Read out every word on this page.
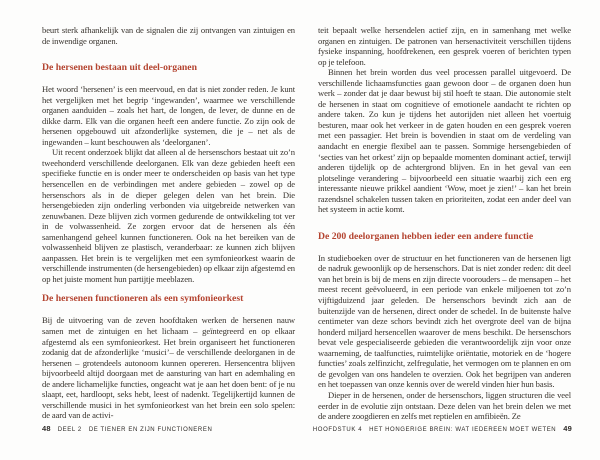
beurt sterk afhankelijk van de signalen die zij ontvangen van zintuigen en de inwendige organen.

De hersenen bestaan uit deel-organen

Het woord ‘hersenen’ is een meervoud, en dat is niet zonder reden. Je kunt het vergelijken met het begrip ‘ingewanden’, waarmee we verschillende organen aanduiden – zoals het hart, de longen, de lever, de dunne en de dikke darm. Elk van die organen heeft een andere functie. Zo zijn ook de hersenen opgebouwd uit afzonderlijke systemen, die je – net als de ingewanden – kunt beschouwen als ‘deelorganen’.

Uit recent onderzoek blijkt dat alleen al de hersenschors bestaat uit zo’n tweehonderd verschillende deelorganen. Elk van deze gebieden heeft een specifieke functie en is onder meer te onderscheiden op basis van het type hersencellen en de verbindingen met andere gebieden – zowel op de hersenschors als in de dieper gelegen delen van het brein. Die hersengebieden zijn onderling verbonden via uitgebreide netwerken van zenuwbanen. Deze blijven zich vormen gedurende de ontwikkeling tot ver in de volwassenheid. Ze zorgen ervoor dat de hersenen als één samenhangend geheel kunnen functioneren. Ook na het bereiken van de volwassenheid blijven ze plastisch, veranderbaar: ze kunnen zich blijven aanpassen. Het brein is te vergelijken met een symfonieorkest waarin de verschillende instrumenten (de hersengebieden) op elkaar zijn afgestemd en op het juiste moment hun partijtje meeblazen.

De hersenen functioneren als een symfonieorkest

Bij de uitvoering van de zeven hoofdtaken werken de hersenen nauw samen met de zintuigen en het lichaam – geïntegreerd en op elkaar afgestemd als een symfonieorkest. Het brein organiseert het functioneren zodanig dat de afzonderlijke ‘musici’– de verschillende deelorganen in de hersenen – grotendeels autonoom kunnen opereren. Hersencentra blijven bijvoorbeeld altijd doorgaan met de aansturing van hart en ademhaling en de andere lichamelijke functies, ongeacht wat je aan het doen bent: of je nu slaapt, eet, hardloopt, seks hebt, leest of nadenkt. Tegelijkertijd kunnen de verschillende musici in het symfonieorkest van het brein een solo spelen: de aard van de activi-

teit bepaalt welke hersendelen actief zijn, en in samenhang met welke organen en zintuigen. De patronen van hersenactiviteit verschillen tijdens fysieke inspanning, hoofdrekenen, een gesprek voeren of berichten typen op je telefoon.

Binnen het brein worden dus veel processen parallel uitgevoerd. De verschillende lichaamsfuncties gaan gewoon door – de organen doen hun werk – zonder dat je daar bewust bij stil hoeft te staan. Die autonomie stelt de hersenen in staat om cognitieve of emotionele aandacht te richten op andere taken. Zo kun je tijdens het autorijden niet alleen het voertuig besturen, maar ook het verkeer in de gaten houden en een gesprek voeren met een passagier. Het brein is bovendien in staat om de verdeling van aandacht en energie flexibel aan te passen. Sommige hersengebieden of ‘secties van het orkest’ zijn op bepaalde momenten dominant actief, terwijl anderen tijdelijk op de achtergrond blijven. En in het geval van een plotselinge verandering – bijvoorbeeld een situatie waarbij zich een erg interessante nieuwe prikkel aandient ‘Wow, moet je zien!’ – kan het brein razendsnel schakelen tussen taken en prioriteiten, zodat een ander deel van het systeem in actie komt.

De 200 deelorganen hebben ieder een andere functie

In studieboeken over de structuur en het functioneren van de hersenen ligt de nadruk gewoonlijk op de hersenschors. Dat is niet zonder reden: dit deel van het brein is bij de mens en zijn directe voorouders – de mensapen – het meest recent geëvolueerd, in een periode van enkele miljoenen tot zo’n vijftigduizend jaar geleden. De hersenschors bevindt zich aan de buitenzijde van de hersenen, direct onder de schedel. In de buitenste halve centimeter van deze schors bevindt zich het overgrote deel van de bijna honderd miljard hersencellen waarover de mens beschikt. De hersenschors bevat vele gespecialiseerde gebieden die verantwoordelijk zijn voor onze waarneming, de taalfuncties, ruimtelijke oriëntatie, motoriek en de ‘hogere functies’ zoals zelfinzicht, zelfregulatie, het vermogen om te plannen en om de gevolgen van ons handelen te overzien. Ook het begrijpen van anderen en het toepassen van onze kennis over de wereld vinden hier hun basis.

Dieper in de hersenen, onder de hersenschors, liggen structuren die veel eerder in de evolutie zijn ontstaan. Deze delen van het brein delen we met de andere zoogdieren en zelfs met reptielen en amfibieën. Ze

48 DEEL 2 DE TIENER EN ZIJN FUNCTIONEREN	HOOFDSTUK 4 HET HONGERIGE BREIN: WAT IEDEREEN MOET WETEN 49
